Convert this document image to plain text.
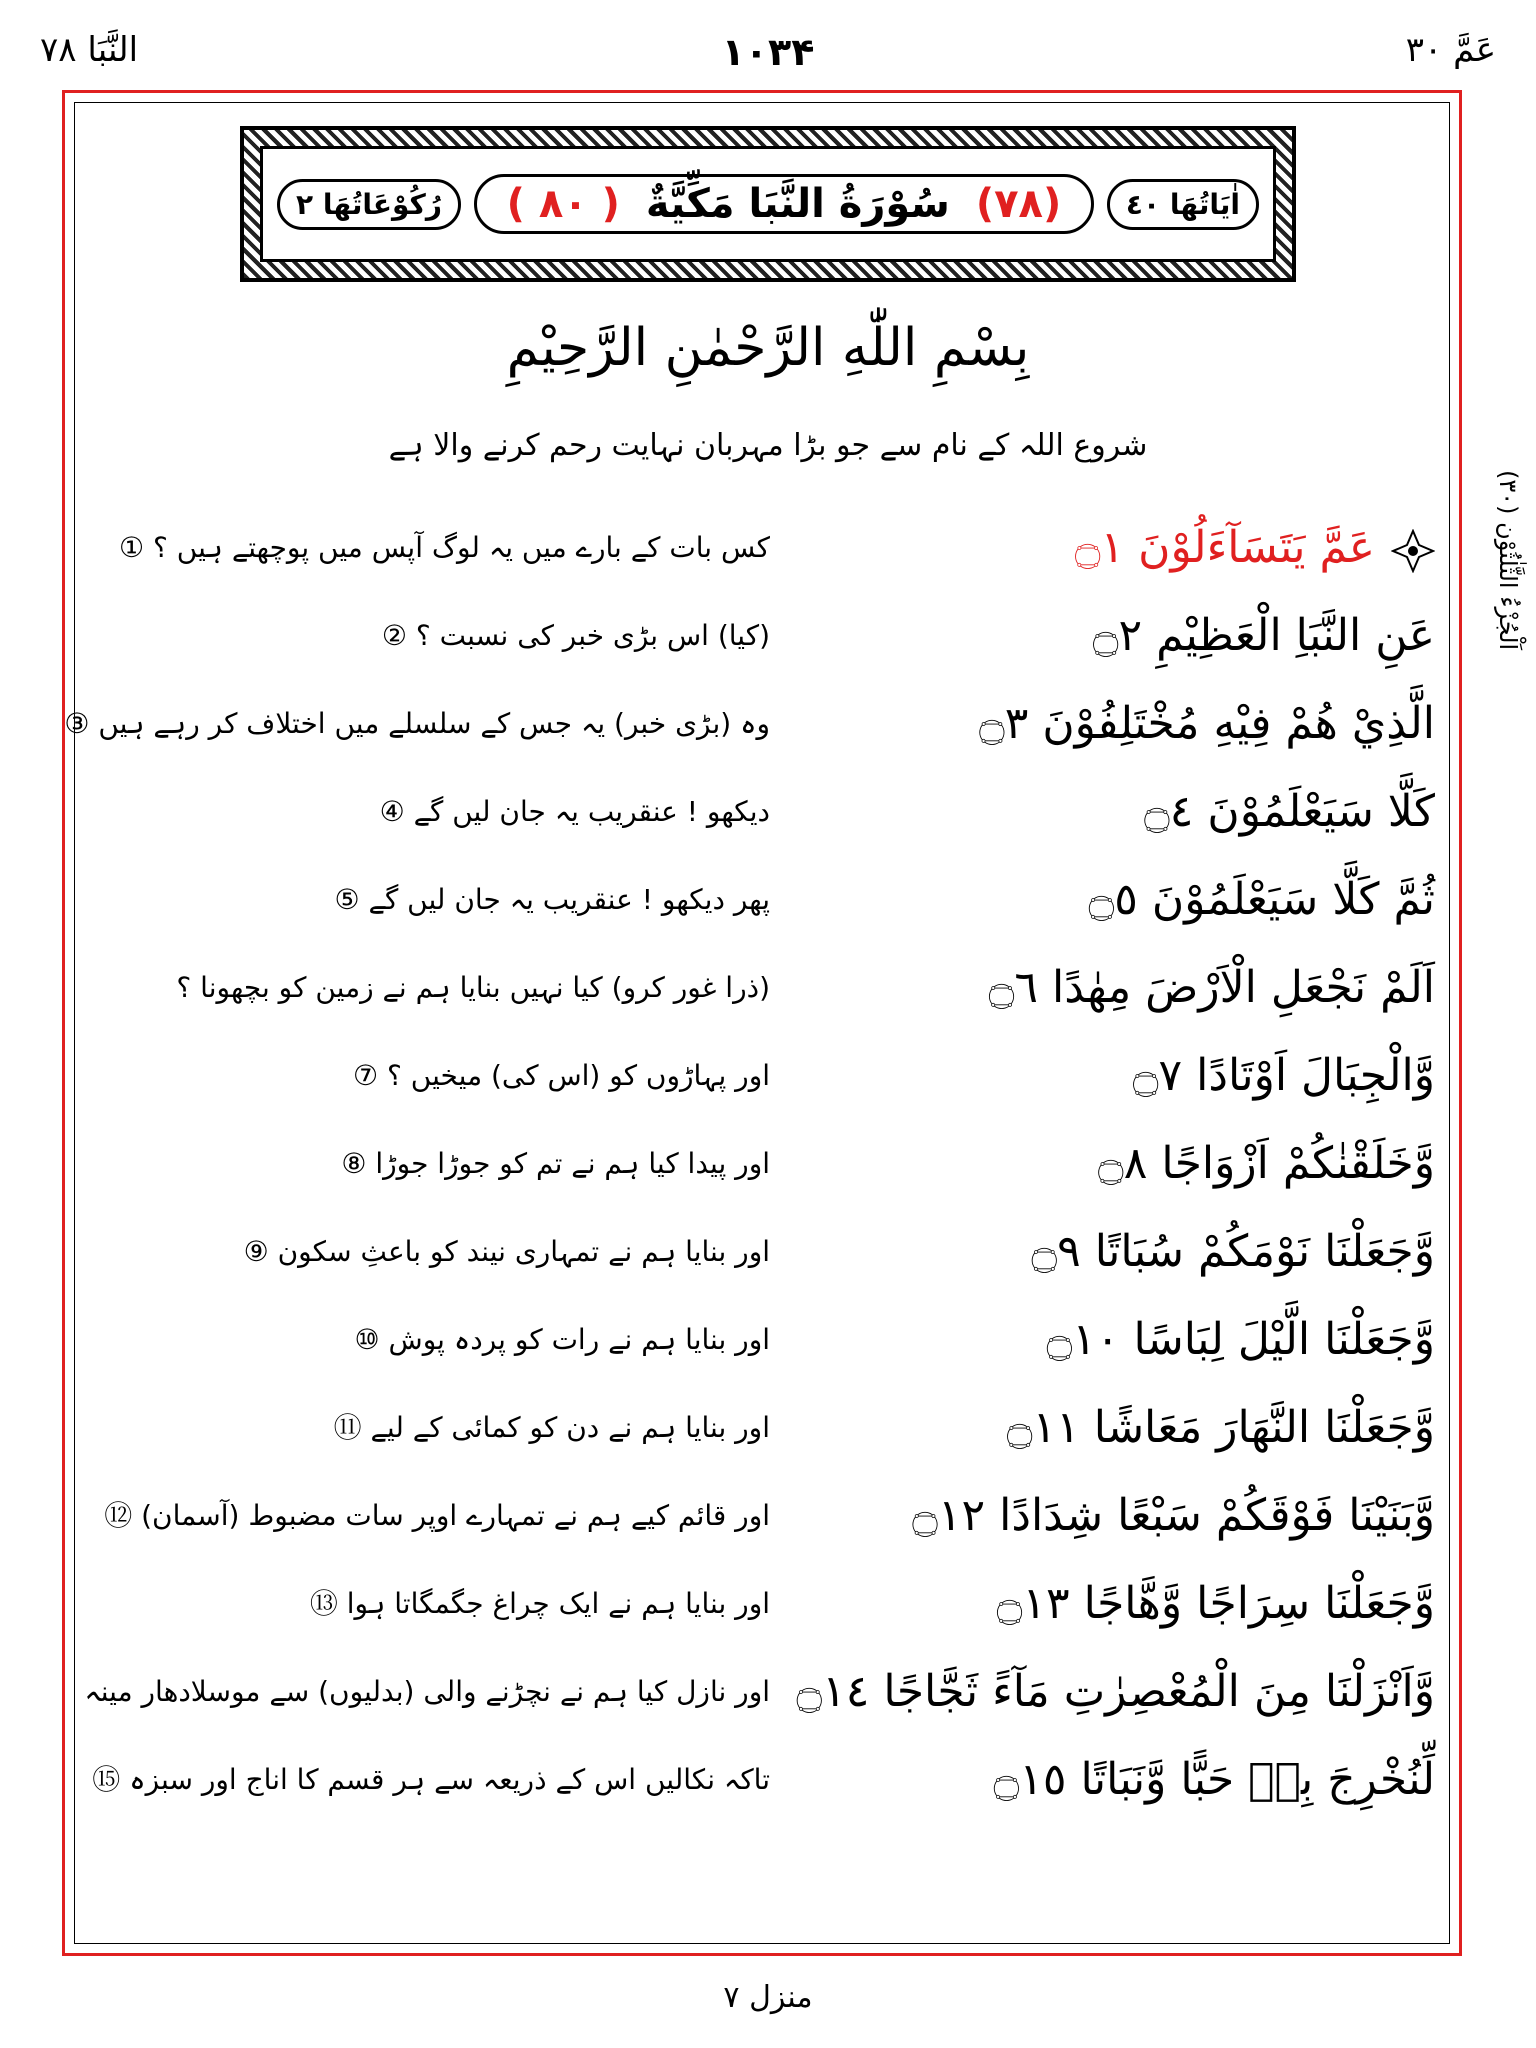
عَمَّ ۳۰
۱۰۳۴
النَّبَا ۷۸
اَلْجُزْءُ الثَّلٰثُوْن (٣٠)
اٰيَاتُهَا ٤٠
(٧٨)
سُوْرَةُ النَّبَا مَكِّيَّةٌ
( ٨٠ )
رُكُوْعَاتُهَا ٢
بِسْمِ اللّٰهِ الرَّحْمٰنِ الرَّحِيْمِ
شروع اللہ کے نام سے جو بڑا مہربان نہایت رحم کرنے والا ہے
عَمَّ يَتَسَآءَلُوْنَ ۝١
کس بات کے بارے میں یہ لوگ آپس میں پوچھتے ہیں ؟ ①
عَنِ النَّبَاِ الْعَظِيْمِ ۝٢
(کیا) اس بڑی خبر کی نسبت ؟ ②
الَّذِيْ هُمْ فِيْهِ مُخْتَلِفُوْنَ ۝٣
وہ (بڑی خبر) یہ جس کے سلسلے میں اختلاف کر رہے ہیں ③
كَلَّا سَيَعْلَمُوْنَ ۝٤
دیکھو ! عنقریب یہ جان لیں گے ④
ثُمَّ كَلَّا سَيَعْلَمُوْنَ ۝٥
پھر دیکھو ! عنقریب یہ جان لیں گے ⑤
اَلَمْ نَجْعَلِ الْاَرْضَ مِهٰدًا ۝٦
(ذرا غور کرو) کیا نہیں بنایا ہم نے زمین کو بچھونا ؟
وَّالْجِبَالَ اَوْتَادًا ۝٧
اور پہاڑوں کو (اس کی) میخیں ؟ ⑦
وَّخَلَقْنٰكُمْ اَزْوَاجًا ۝٨
اور پیدا کیا ہم نے تم کو جوڑا جوڑا ⑧
وَّجَعَلْنَا نَوْمَكُمْ سُبَاتًا ۝٩
اور بنایا ہم نے تمہاری نیند کو باعثِ سکون ⑨
وَّجَعَلْنَا الَّيْلَ لِبَاسًا ۝١٠
اور بنایا ہم نے رات کو پردہ پوش ⑩
وَّجَعَلْنَا النَّهَارَ مَعَاشًا ۝١١
اور بنایا ہم نے دن کو کمائی کے لیے ⑪
وَّبَنَيْنَا فَوْقَكُمْ سَبْعًا شِدَادًا ۝١٢
اور قائم کیے ہم نے تمہارے اوپر سات مضبوط (آسمان) ⑫
وَّجَعَلْنَا سِرَاجًا وَّهَّاجًا ۝١٣
اور بنایا ہم نے ایک چراغ جگمگاتا ہوا ⑬
وَّاَنْزَلْنَا مِنَ الْمُعْصِرٰتِ مَآءً ثَجَّاجًا ۝١٤
اور نازل کیا ہم نے نچڑنے والی (بدلیوں) سے موسلادھار مینہ
لِّنُخْرِجَ بِهٖ حَبًّا وَّنَبَاتًا ۝١٥
تاکہ نکالیں اس کے ذریعہ سے ہر قسم کا اناج اور سبزہ ⑮
منزل ۷
